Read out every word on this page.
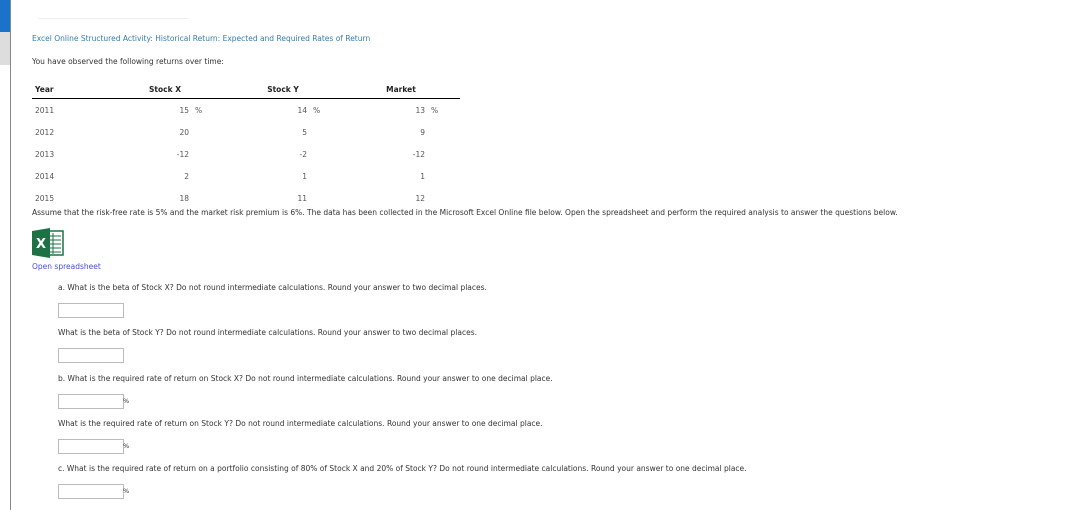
Excel Online Structured Activity: Historical Return: Expected and Required Rates of Return
You have observed the following returns over time:
Year	Stock X		Stock Y		Market	
2011	15	%	14	%	13	%
2012	20		5		9	
2013	-12		-2		-12	
2014	2		1		1	
2015	18		11		12	
Assume that the risk-free rate is 5% and the market risk premium is 6%. The data has been collected in the Microsoft Excel Online file below. Open the spreadsheet and perform the required analysis to answer the questions below.
X
Open spreadsheet
a. What is the beta of Stock X? Do not round intermediate calculations. Round your answer to two decimal places.
What is the beta of Stock Y? Do not round intermediate calculations. Round your answer to two decimal places.
b. What is the required rate of return on Stock X? Do not round intermediate calculations. Round your answer to one decimal place.
%
What is the required rate of return on Stock Y? Do not round intermediate calculations. Round your answer to one decimal place.
%
c. What is the required rate of return on a portfolio consisting of 80% of Stock X and 20% of Stock Y? Do not round intermediate calculations. Round your answer to one decimal place.
%
